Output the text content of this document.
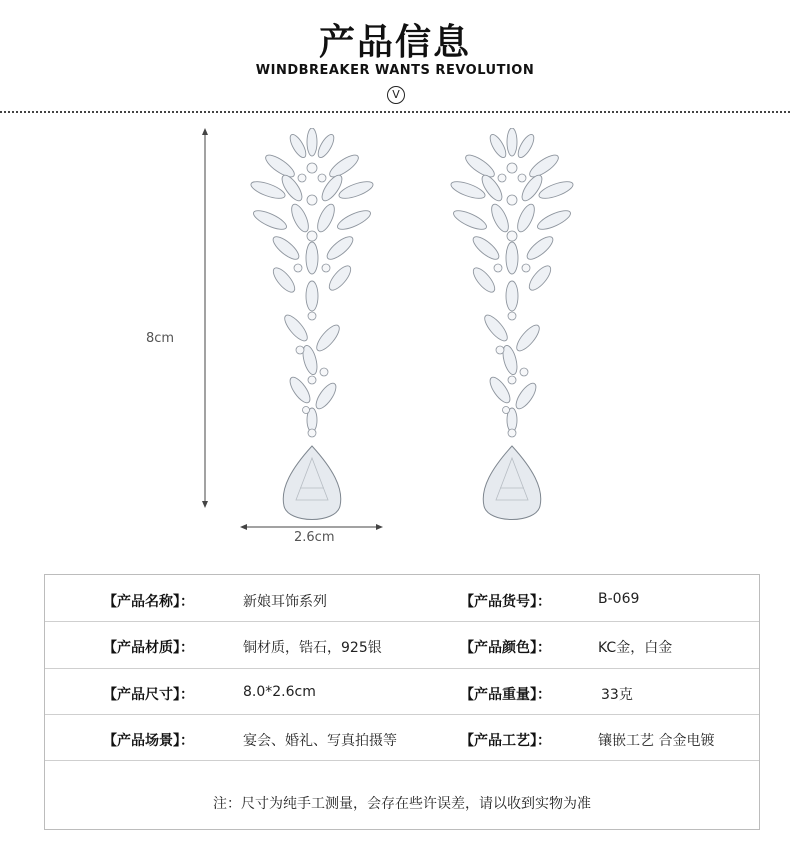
产品信息
WINDBREAKER WANTS REVOLUTION
V
8cm
2.6cm
【产品名称】：	新娘耳饰系列	【产品货号】：	B-069
【产品材质】：	铜材质，锆石，925银	【产品颜色】：	KC金，白金
【产品尺寸】：	8.0*2.6cm	【产品重量】：	33克
【产品场景】：	宴会、婚礼、写真拍摄等	【产品工艺】：	镶嵌工艺 合金电镀
注：尺寸为纯手工测量，会存在些许误差，请以收到实物为准
